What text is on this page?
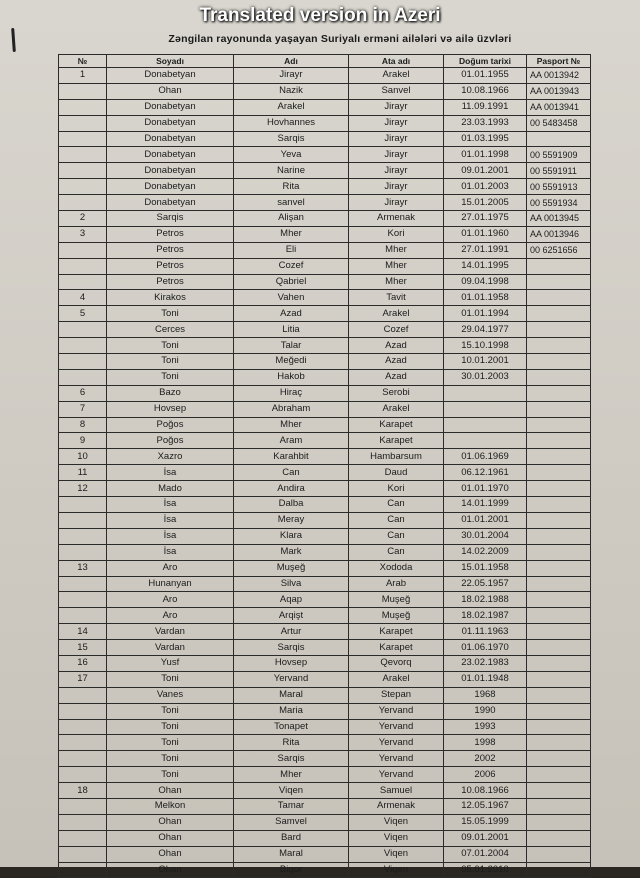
Translated version in Azeri
Zəngilan rayonunda yaşayan Suriyalı erməni ailələri və ailə üzvləri
№	Soyadı	Adı	Ata adı	Doğum tarixi	Pasport №
1	Donabetyan	Jirayr	Arakel	01.01.1955	AA 0013942
	Ohan	Nazik	Sanvel	10.08.1966	AA 0013943
	Donabetyan	Arakel	Jirayr	11.09.1991	AA 0013941
	Donabetyan	Hovhannes	Jirayr	23.03.1993	00 5483458
	Donabetyan	Sarqis	Jirayr	01.03.1995	
	Donabetyan	Yeva	Jirayr	01.01.1998	00 5591909
	Donabetyan	Narine	Jirayr	09.01.2001	00 5591911
	Donabetyan	Rita	Jirayr	01.01.2003	00 5591913
	Donabetyan	sanvel	Jirayr	15.01.2005	00 5591934
2	Sarqis	Alişan	Armenak	27.01.1975	AA 0013945
3	Petros	Mher	Kori	01.01.1960	AA 0013946
	Petros	Eli	Mher	27.01.1991	00 6251656
	Petros	Cozef	Mher	14.01.1995	
	Petros	Qabriel	Mher	09.04.1998	
4	Kirakos	Vahen	Tavit	01.01.1958	
5	Toni	Azad	Arakel	01.01.1994	
	Cerces	Litia	Cozef	29.04.1977	
	Toni	Talar	Azad	15.10.1998	
	Toni	Meğedi	Azad	10.01.2001	
	Toni	Hakob	Azad	30.01.2003	
6	Bazo	Hiraç	Serobi		
7	Hovsep	Abraham	Arakel		
8	Poğos	Mher	Karapet		
9	Poğos	Aram	Karapet		
10	Xazro	Karahbit	Hambarsum	01.06.1969	
11	İsa	Can	Daud	06.12.1961	
12	Mado	Andira	Kori	01.01.1970	
	İsa	Dalba	Can	14.01.1999	
	İsa	Meray	Can	01.01.2001	
	İsa	Klara	Can	30.01.2004	
	İsa	Mark	Can	14.02.2009	
13	Aro	Muşeğ	Xododa	15.01.1958	
	Hunanyan	Silva	Arab	22.05.1957	
	Aro	Aqap	Muşeğ	18.02.1988	
	Aro	Arqişt	Muşeğ	18.02.1987	
14	Vardan	Artur	Karapet	01.11.1963	
15	Vardan	Sarqis	Karapet	01.06.1970	
16	Yusf	Hovsep	Qevorq	23.02.1983	
17	Toni	Yervand	Arakel	01.01.1948	
	Vanes	Maral	Stepan	1968	
	Toni	Maria	Yervand	1990	
	Toni	Tonapet	Yervand	1993	
	Toni	Rita	Yervand	1998	
	Toni	Sarqis	Yervand	2002	
	Toni	Mher	Yervand	2006	
18	Ohan	Viqen	Samuel	10.08.1966	
	Melkon	Tamar	Armenak	12.05.1967	
	Ohan	Samvel	Viqen	15.05.1999	
	Ohan	Bard	Viqen	09.01.2001	
	Ohan	Maral	Viqen	07.01.2004	
	Ohan	Biqor	Viqen	05.01.2010	
